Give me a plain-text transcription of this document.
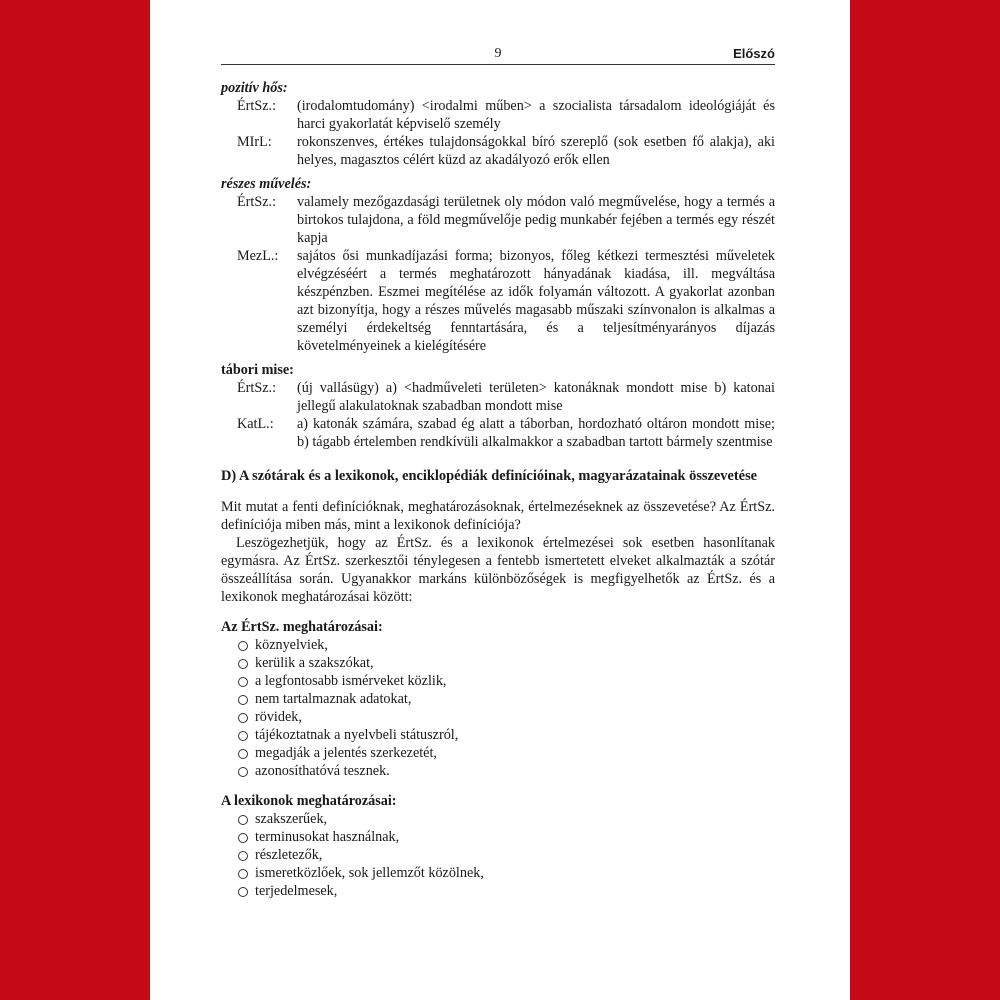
9	Előszó
pozitív hős:
ÉrtSz.:	(irodalomtudomány) <irodalmi műben> a szocialista társadalom ideológiáját és harci gyakorlatát képviselő személy
MIrL:	rokonszenves, értékes tulajdonságokkal bíró szereplő (sok esetben fő alakja), aki helyes, magasztos célért küzd az akadályozó erők ellen
részes művelés:
ÉrtSz.:	valamely mezőgazdasági területnek oly módon való megművelése, hogy a termés a birtokos tulajdona, a föld megművelője pedig munkabér fejében a termés egy részét kapja
MezL.:	sajátos ősi munkadíjazási forma; bizonyos, főleg kétkezi termesztési műveletek elvégzéséért a termés meghatározott hányadának kiadása, ill. megváltása készpénzben. Eszmei megítélése az idők folyamán változott. A gyakorlat azonban azt bizonyítja, hogy a részes művelés magasabb műszaki színvonalon is alkalmas a személyi érdekeltség fenntartására, és a teljesítményarányos díjazás követelményeinek a kielégítésére
tábori mise:
ÉrtSz.:	(új vallásügy) a) <hadműveleti területen> katonáknak mondott mise b) katonai jellegű alakulatoknak szabadban mondott mise
KatL.:	a) katonák számára, szabad ég alatt a táborban, hordozható oltáron mondott mise; b) tágabb értelemben rendkívüli alkalmakkor a szabadban tartott bármely szentmise
D) A szótárak és a lexikonok, enciklopédiák definícióinak, magyarázatainak összevetése

Mit mutat a fenti definícióknak, meghatározásoknak, értelmezéseknek az összevetése? Az ÉrtSz. definíciója miben más, mint a lexikonok definíciója?

Leszögezhetjük, hogy az ÉrtSz. és a lexikonok értelmezései sok esetben hasonlítanak egymásra. Az ÉrtSz. szerkesztői ténylegesen a fentebb ismertetett elveket alkalmazták a szótár összeállítása során. Ugyanakkor markáns különbözőségek is megfigyelhetők az ÉrtSz. és a lexikonok meghatározásai között:

Az ÉrtSz. meghatározásai:
köznyelviek,
kerülik a szakszókat,
a legfontosabb ismérveket közlik,
nem tartalmaznak adatokat,
rövidek,
tájékoztatnak a nyelvbeli státuszról,
megadják a jelentés szerkezetét,
azonosíthatóvá tesznek.
A lexikonok meghatározásai:
szakszerűek,
terminusokat használnak,
részletezők,
ismeretközlőek, sok jellemzőt közölnek,
terjedelmesek,
